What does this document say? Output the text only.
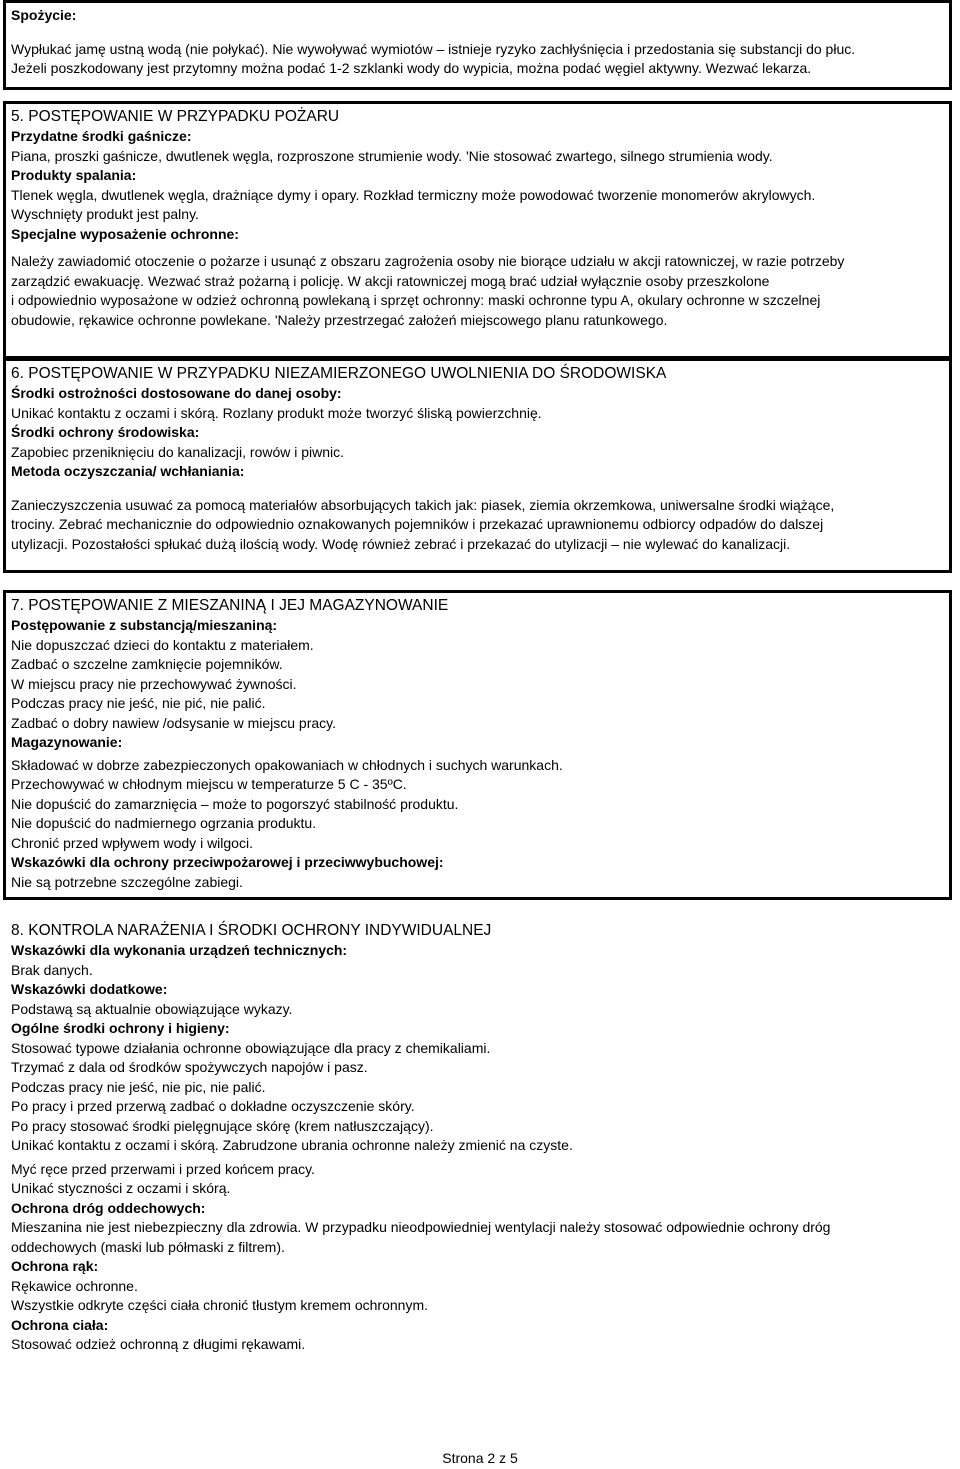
Spożycie:
Wypłukać jamę ustną wodą (nie połykać). Nie wywoływać wymiotów – istnieje ryzyko zachłyśnięcia i przedostania się substancji do płuc.
Jeżeli poszkodowany jest przytomny można podać 1-2 szklanki wody do wypicia, można podać węgiel aktywny. Wezwać lekarza.
5. POSTĘPOWANIE W PRZYPADKU POŻARU
Przydatne środki gaśnicze:
Piana, proszki gaśnicze, dwutlenek węgla, rozproszone strumienie wody. 'Nie stosować zwartego, silnego strumienia wody.
Produkty spalania:
Tlenek węgla, dwutlenek węgla, drażniące dymy i opary. Rozkład termiczny może powodować tworzenie monomerów akrylowych.
Wyschnięty produkt jest palny.
Specjalne wyposażenie ochronne:
Należy zawiadomić otoczenie o pożarze i usunąć z obszaru zagrożenia osoby nie biorące udziału w akcji ratowniczej, w razie potrzeby
zarządzić ewakuację. Wezwać straż pożarną i policję. W akcji ratowniczej mogą brać udział wyłącznie osoby przeszkolone
i odpowiednio wyposażone w odzież ochronną powlekaną i sprzęt ochronny: maski ochronne typu A, okulary ochronne w szczelnej
obudowie, rękawice ochronne powlekane. 'Należy przestrzegać założeń miejscowego planu ratunkowego.
6. POSTĘPOWANIE W PRZYPADKU NIEZAMIERZONEGO UWOLNIENIA DO ŚRODOWISKA
Środki ostrożności dostosowane do danej osoby:
Unikać kontaktu z oczami i skórą. Rozlany produkt może tworzyć śliską powierzchnię.
Środki ochrony środowiska:
Zapobiec przeniknięciu do kanalizacji, rowów i piwnic.
Metoda oczyszczania/ wchłaniania:
Zanieczyszczenia usuwać za pomocą materiałów absorbujących takich jak: piasek, ziemia okrzemkowa, uniwersalne środki wiążące,
trociny. Zebrać mechanicznie do odpowiednio oznakowanych pojemników i przekazać uprawnionemu odbiorcy odpadów do dalszej
utylizacji. Pozostałości spłukać dużą ilością wody. Wodę również zebrać i przekazać do utylizacji – nie wylewać do kanalizacji.
7. POSTĘPOWANIE Z MIESZANINĄ I JEJ MAGAZYNOWANIE
Postępowanie z substancją/mieszaniną:
Nie dopuszczać dzieci do kontaktu z materiałem.
Zadbać o szczelne zamknięcie pojemników.
W miejscu pracy nie przechowywać żywności.
Podczas pracy nie jeść, nie pić, nie palić.
Zadbać o dobry nawiew /odsysanie w miejscu pracy.
Magazynowanie:
Składować w dobrze zabezpieczonych opakowaniach w chłodnych i suchych warunkach.
Przechowywać w chłodnym miejscu w temperaturze 5 C - 35ºC.
Nie dopuścić do zamarznięcia – może to pogorszyć stabilność produktu.
Nie dopuścić do nadmiernego ogrzania produktu.
Chronić przed wpływem wody i wilgoci.
Wskazówki dla ochrony przeciwpożarowej i przeciwwybuchowej:
Nie są potrzebne szczególne zabiegi.
8. KONTROLA NARAŻENIA I ŚRODKI OCHRONY INDYWIDUALNEJ
Wskazówki dla wykonania urządzeń technicznych:
Brak danych.
Wskazówki dodatkowe:
Podstawą są aktualnie obowiązujące wykazy.
Ogólne środki ochrony i higieny:
Stosować typowe działania ochronne obowiązujące dla pracy z chemikaliami.
Trzymać z dala od środków spożywczych napojów i pasz.
Podczas pracy nie jeść, nie pic, nie palić.
Po pracy i przed przerwą zadbać o dokładne oczyszczenie skóry.
Po pracy stosować środki pielęgnujące skórę (krem natłuszczający).
Unikać kontaktu z oczami i skórą. Zabrudzone ubrania ochronne należy zmienić na czyste.
Myć ręce przed przerwami i przed końcem pracy.
Unikać styczności z oczami i skórą.
Ochrona dróg oddechowych:
Mieszanina nie jest niebezpieczny dla zdrowia. W przypadku nieodpowiedniej wentylacji należy stosować odpowiednie ochrony dróg
oddechowych (maski lub półmaski z filtrem).
Ochrona rąk:
Rękawice ochronne.
Wszystkie odkryte części ciała chronić tłustym kremem ochronnym.
Ochrona ciała:
Stosować odzież ochronną z długimi rękawami.
Strona 2 z 5
